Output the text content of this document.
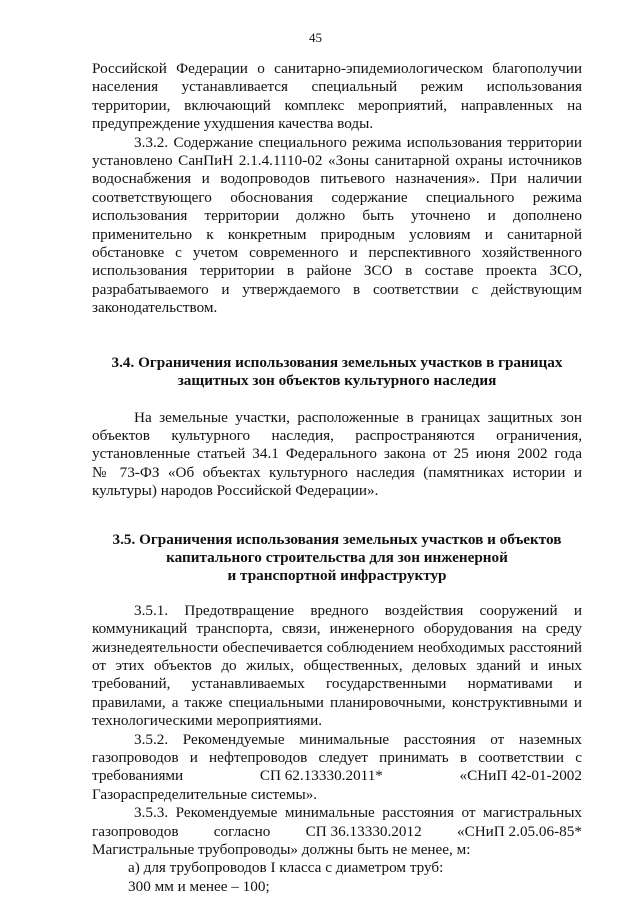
45
Российской Федерации о санитарно-эпидемиологическом благополучии
населения устанавливается специальный режим использования
территории, включающий комплекс мероприятий, направленных на
предупреждение ухудшения качества воды.
3.3.2. Содержание специального режима использования территории
установлено СанПиН 2.1.4.1110-02 «Зоны санитарной охраны источников
водоснабжения и водопроводов питьевого назначения». При наличии
соответствующего обоснования содержание специального режима
использования территории должно быть уточнено и дополнено
применительно к конкретным природным условиям и санитарной
обстановке с учетом современного и перспективного хозяйственного
использования территории в районе ЗСО в составе проекта ЗСО,
разрабатываемого и утверждаемого в соответствии с действующим
законодательством.
3.4. Ограничения использования земельных участков в границах
защитных зон объектов культурного наследия
На земельные участки, расположенные в границах защитных зон
объектов культурного наследия, распространяются ограничения,
установленные статьей 34.1 Федерального закона от 25 июня 2002 года
№ 73-ФЗ «Об объектах культурного наследия (памятниках истории и
культуры) народов Российской Федерации».
3.5. Ограничения использования земельных участков и объектов
капитального строительства для зон инженерной
и транспортной инфраструктур
3.5.1. Предотвращение вредного воздействия сооружений и
коммуникаций транспорта, связи, инженерного оборудования на среду
жизнедеятельности обеспечивается соблюдением необходимых расстояний
от этих объектов до жилых, общественных, деловых зданий и иных
требований, устанавливаемых государственными нормативами и
правилами, а также специальными планировочными, конструктивными и
технологическими мероприятиями.
3.5.2. Рекомендуемые минимальные расстояния от наземных
газопроводов и нефтепроводов следует принимать в соответствии с
требованиями	СП 62.13330.2011*	«СНиП 42-01-2002
Газораспределительные системы».
3.5.3. Рекомендуемые минимальные расстояния от магистральных
газопроводов согласно СП 36.13330.2012 «СНиП 2.05.06-85*
Магистральные трубопроводы» должны быть не менее, м:
а) для трубопроводов I класса с диаметром труб:
300 мм и менее – 100;
